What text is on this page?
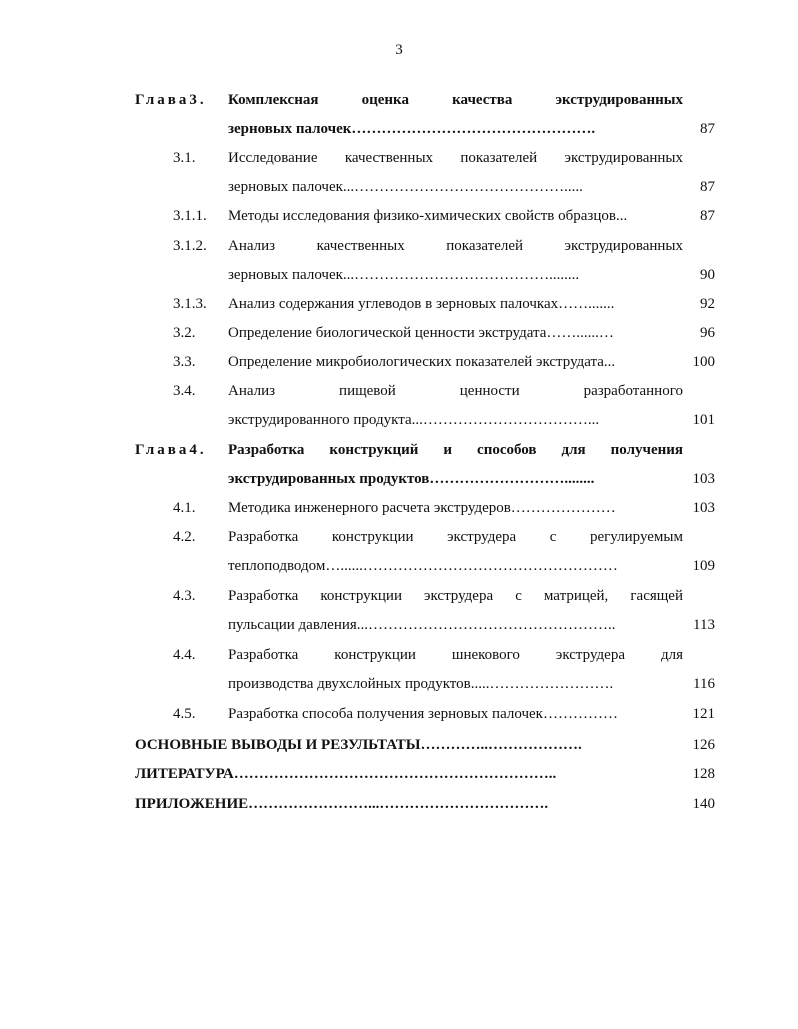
3
Глава3. Комплексная оценка качества экструдированных
зерновых палочек………………………………………….	87
3.1. Исследование качественных показателей экструдированных
зерновых палочек...…………………………………….....	87
3.1.1. Методы исследования физико-химических свойств образцов...	87
3.1.2. Анализ качественных показателей экструдированных
зерновых палочек...…………………………………........	90
3.1.3. Анализ содержания углеводов в зерновых палочках…….......	92
3.2. Определение биологической ценности экструдата……......…	96
3.3. Определение микробиологических показателей экструдата...	100
3.4. Анализ пищевой ценности разработанного
экструдированного продукта...……………………………...	101
Глава4. Разработка конструкций и способов для получения
экструдированных продуктов………………………........	103
4.1. Методика инженерного расчета экструдеров…………………	103
4.2. Разработка конструкции экструдера с регулируемым
теплоподводом…......……………………………………………	109
4.3. Разработка конструкции экструдера с матрицей, гасящей
пульсации давления...…………………………………………..	113
4.4. Разработка конструкции шнекового экструдера для
производства двухслойных продуктов.....…………………….	116
4.5. Разработка способа получения зерновых палочек……………	121
ОСНОВНЫЕ ВЫВОДЫ И РЕЗУЛЬТАТЫ…………..……………….	126
ЛИТЕРАТУРА………………………………………………………..	128
ПРИЛОЖЕНИЕ……………………...…………………………….	140
